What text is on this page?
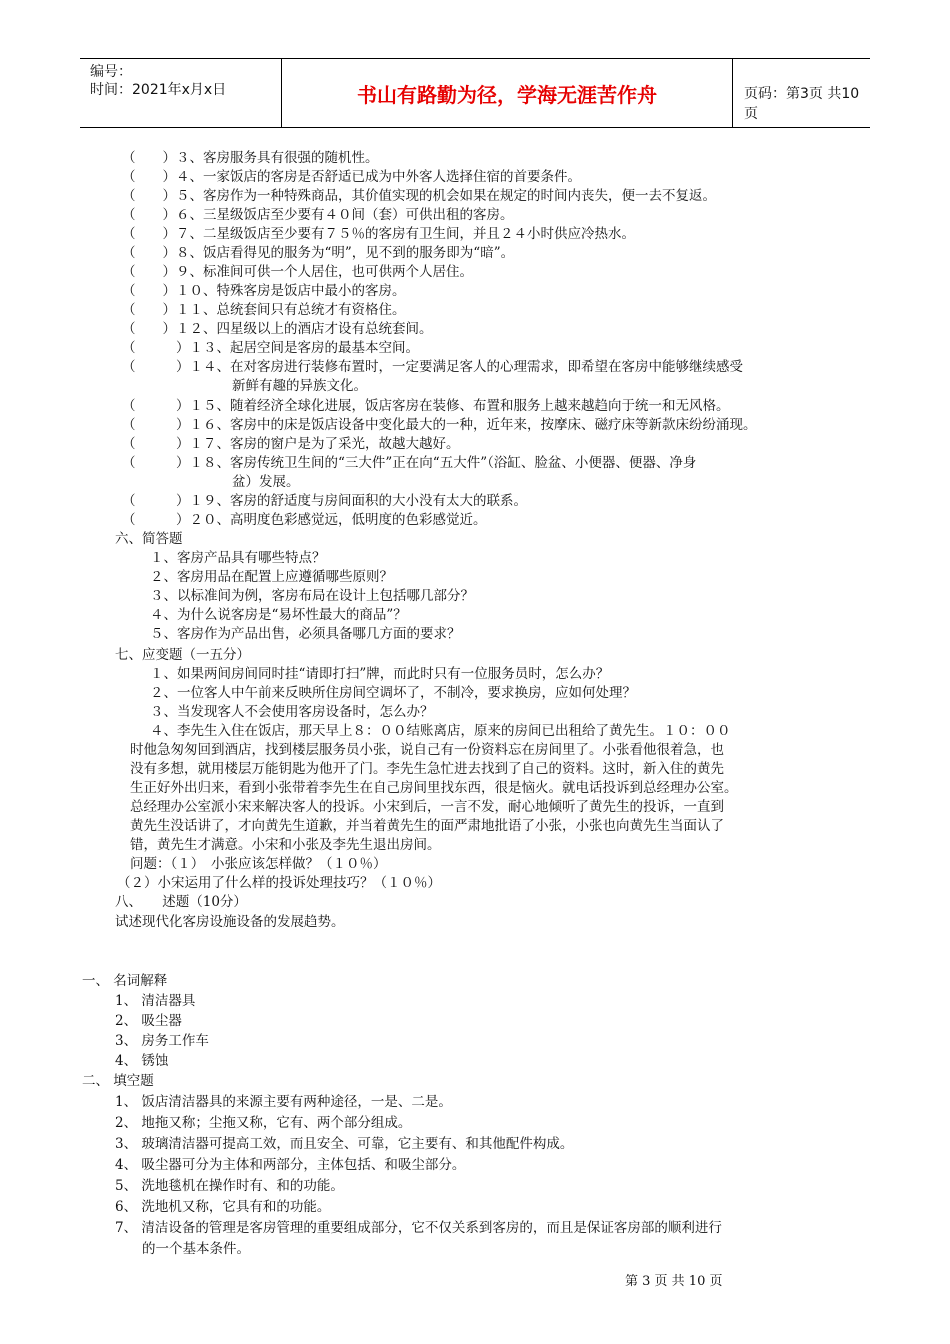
编号：
时间：2021年x月x日	书山有路勤为径，学海无涯苦作舟	页码：第3页 共10页
（　　）３、客房服务具有很强的随机性。
（　　）４、一家饭店的客房是否舒适已成为中外客人选择住宿的首要条件。
（　　）５、客房作为一种特殊商品，其价值实现的机会如果在规定的时间内丧失，便一去不复返。
（　　）６、三星级饭店至少要有４０间（套）可供出租的客房。
（　　）７、二星级饭店至少要有７５％的客房有卫生间，并且２４小时供应冷热水。
（　　）８、饭店看得见的服务为“明”，见不到的服务即为“暗”。
（　　）９、标准间可供一个人居住，也可供两个人居住。
（　　）１０、特殊客房是饭店中最小的客房。
（　　）１１、总统套间只有总统才有资格住。
（　　）１２、四星级以上的酒店才设有总统套间。
（　　　）１３、起居空间是客房的最基本空间。
（　　　）１４、在对客房进行装修布置时，一定要满足客人的心理需求，即希望在客房中能够继续感受
新鲜有趣的异族文化。
（　　　）１５、随着经济全球化进展，饭店客房在装修、布置和服务上越来越趋向于统一和无风格。
（　　　）１６、客房中的床是饭店设备中变化最大的一种，近年来，按摩床、磁疗床等新款床纷纷涌现。
（　　　）１７、客房的窗户是为了采光，故越大越好。
（　　　）１８、客房传统卫生间的“三大件”正在向“五大件”（浴缸、脸盆、小便器、便器、净身
盆）发展。
（　　　）１９、客房的舒适度与房间面积的大小没有太大的联系。
（　　　）２０、高明度色彩感觉远，低明度的色彩感觉近。
六、简答题
１、客房产品具有哪些特点？
２、客房用品在配置上应遵循哪些原则？
３、以标准间为例，客房布局在设计上包括哪几部分？
４、为什么说客房是“易坏性最大的商品”？
５、客房作为产品出售，必须具备哪几方面的要求？
七、应变题（一五分）
１、如果两间房间同时挂“请即打扫”牌，而此时只有一位服务员时，怎么办？
２、一位客人中午前来反映所住房间空调坏了，不制冷，要求换房，应如何处理？
３、当发现客人不会使用客房设备时，怎么办？
４、李先生入住在饭店，那天早上８：００结账离店，原来的房间已出租给了黄先生。１０：００
时他急匆匆回到酒店，找到楼层服务员小张，说自己有一份资料忘在房间里了。小张看他很着急，也
没有多想，就用楼层万能钥匙为他开了门。李先生急忙进去找到了自己的资料。这时，新入住的黄先
生正好外出归来，看到小张带着李先生在自己房间里找东西，很是恼火。就电话投诉到总经理办公室。
总经理办公室派小宋来解决客人的投诉。小宋到后，一言不发，耐心地倾听了黄先生的投诉，一直到
黄先生没话讲了，才向黄先生道歉，并当着黄先生的面严肃地批语了小张，小张也向黄先生当面认了
错，黄先生才满意。小宋和小张及李先生退出房间。
问题：（１）　小张应该怎样做？（１０％）
（２）小宋运用了什么样的投诉处理技巧？（１０％）
八、　　述题（10分）
试述现代化客房设施设备的发展趋势。
一、 名词解释
1、 清洁器具
2、 吸尘器
3、 房务工作车
4、 锈蚀
二、 填空题
1、 饭店清洁器具的来源主要有两种途径，一是、二是。
2、 地拖又称；尘拖又称，它有、两个部分组成。
3、 玻璃清洁器可提高工效，而且安全、可靠，它主要有、和其他配件构成。
4、 吸尘器可分为主体和两部分，主体包括、和吸尘部分。
5、 洗地毯机在操作时有、和的功能。
6、 洗地机又称，它具有和的功能。
7、 清洁设备的管理是客房管理的重要组成部分，它不仅关系到客房的，而且是保证客房部的顺利进行
的一个基本条件。
第 3 页 共 10 页
